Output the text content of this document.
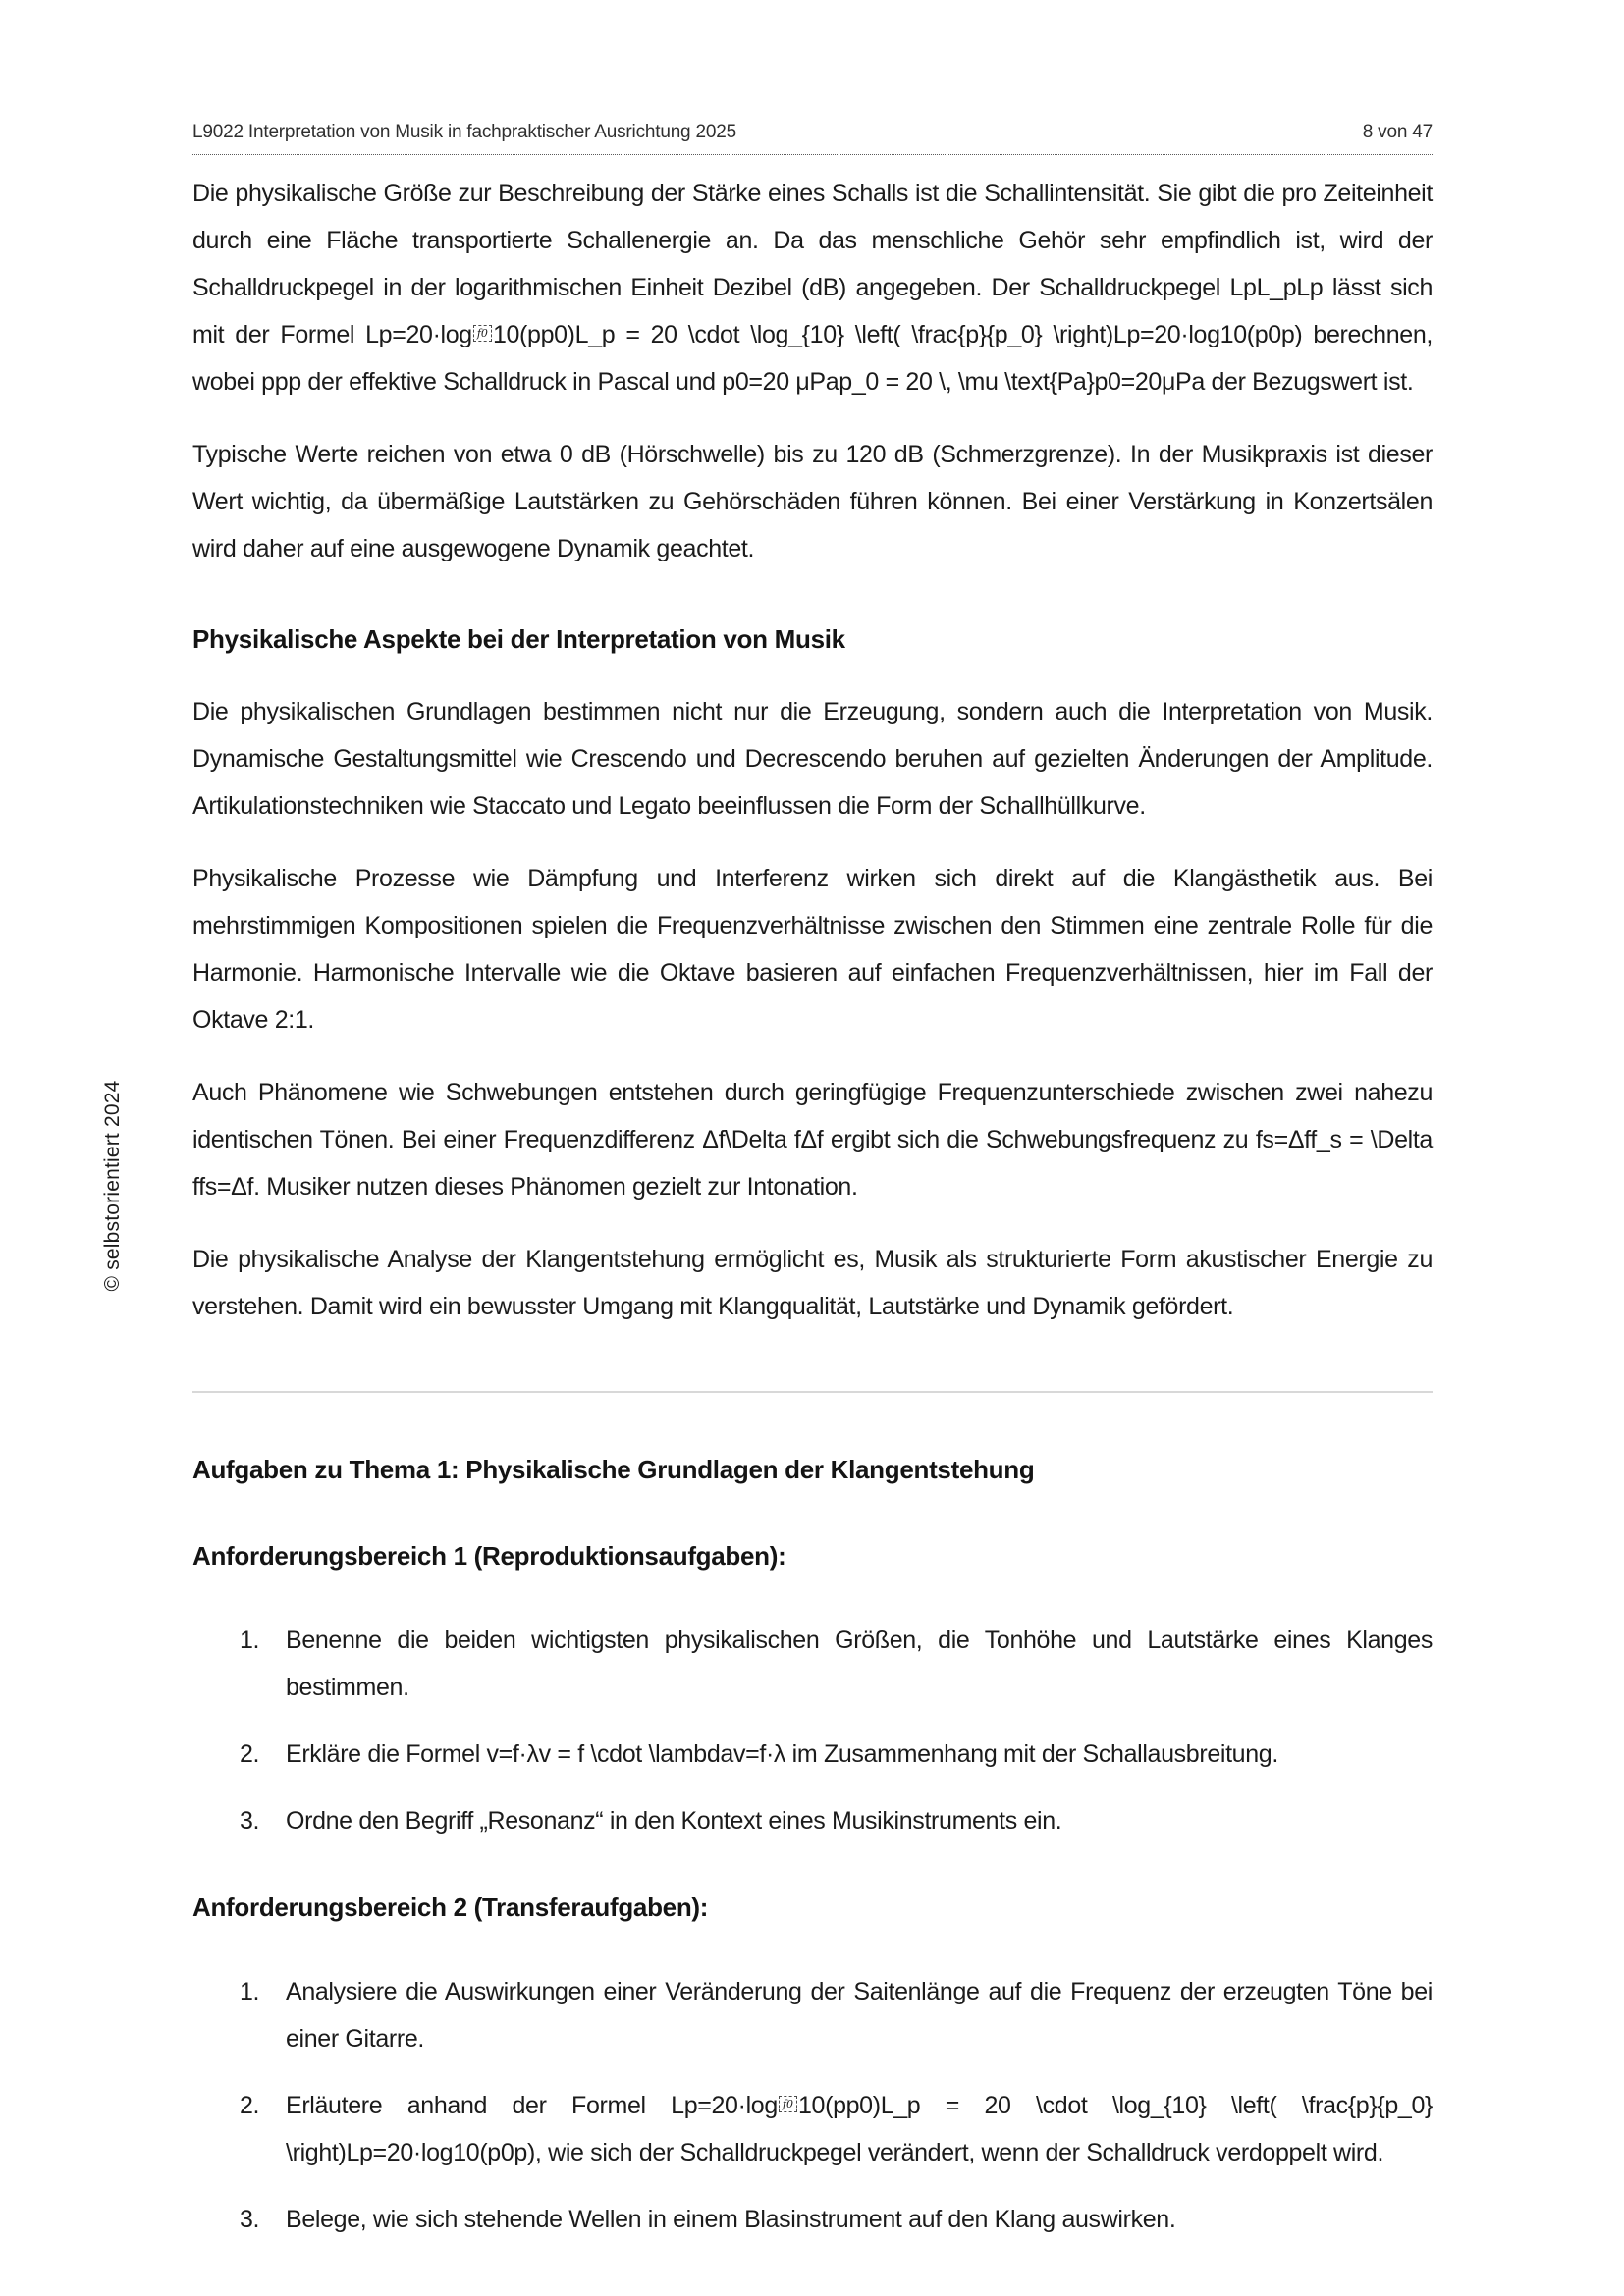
L9022 Interpretation von Musik in fachpraktischer Ausrichtung 2025	8 von 47
© selbstorientiert 2024

Die physikalische Größe zur Beschreibung der Stärke eines Schalls ist die Schallintensität. Sie gibt die pro Zeiteinheit durch eine Fläche transportierte Schallenergie an. Da das menschliche Gehör sehr empfindlich ist, wird der Schalldruckpegel in der logarithmischen Einheit Dezibel (dB) angegeben. Der Schalldruckpegel LpL_pLp lässt sich mit der Formel Lp=20·log f0 10(pp0)L_p = 20 \cdot \log_{10} \left( \frac{p}{p_0} \right)Lp=20·log10(p0p) berechnen, wobei ppp der effektive Schalldruck in Pascal und p0=20 μPap_0 = 20 \, \mu \text{Pa}p0=20μPa der Bezugswert ist.

Typische Werte reichen von etwa 0 dB (Hörschwelle) bis zu 120 dB (Schmerzgrenze). In der Musikpraxis ist dieser Wert wichtig, da übermäßige Lautstärken zu Gehörschäden führen können. Bei einer Verstärkung in Konzertsälen wird daher auf eine ausgewogene Dynamik geachtet.

Physikalische Aspekte bei der Interpretation von Musik

Die physikalischen Grundlagen bestimmen nicht nur die Erzeugung, sondern auch die Interpretation von Musik. Dynamische Gestaltungsmittel wie Crescendo und Decrescendo beruhen auf gezielten Änderungen der Amplitude. Artikulationstechniken wie Staccato und Legato beeinflussen die Form der Schallhüllkurve.

Physikalische Prozesse wie Dämpfung und Interferenz wirken sich direkt auf die Klangästhetik aus. Bei mehrstimmigen Kompositionen spielen die Frequenzverhältnisse zwischen den Stimmen eine zentrale Rolle für die Harmonie. Harmonische Intervalle wie die Oktave basieren auf einfachen Frequenzverhältnissen, hier im Fall der Oktave 2:1.

Auch Phänomene wie Schwebungen entstehen durch geringfügige Frequenzunterschiede zwischen zwei nahezu identischen Tönen. Bei einer Frequenzdifferenz Δf\Delta fΔf ergibt sich die Schwebungsfrequenz zu fs=Δff_s = \Delta ffs=Δf. Musiker nutzen dieses Phänomen gezielt zur Intonation.

Die physikalische Analyse der Klangentstehung ermöglicht es, Musik als strukturierte Form akustischer Energie zu verstehen. Damit wird ein bewusster Umgang mit Klangqualität, Lautstärke und Dynamik gefördert.

Aufgaben zu Thema 1: Physikalische Grundlagen der Klangentstehung
Anforderungsbereich 1 (Reproduktionsaufgaben):
1.	Benenne die beiden wichtigsten physikalischen Größen, die Tonhöhe und Lautstärke eines Klanges bestimmen.
2.	Erkläre die Formel v=f·λv = f \cdot \lambdav=f·λ im Zusammenhang mit der Schallausbreitung.
3.	Ordne den Begriff „Resonanz“ in den Kontext eines Musikinstruments ein.
Anforderungsbereich 2 (Transferaufgaben):
1.	Analysiere die Auswirkungen einer Veränderung der Saitenlänge auf die Frequenz der erzeugten Töne bei einer Gitarre.
2.	Erläutere anhand der Formel Lp=20·log f0 10(pp0)L_p = 20 \cdot \log_{10} \left( \frac{p}{p_0} \right)Lp=20·log10(p0p), wie sich der Schalldruckpegel verändert, wenn der Schalldruck verdoppelt wird.
3.	Belege, wie sich stehende Wellen in einem Blasinstrument auf den Klang auswirken.
